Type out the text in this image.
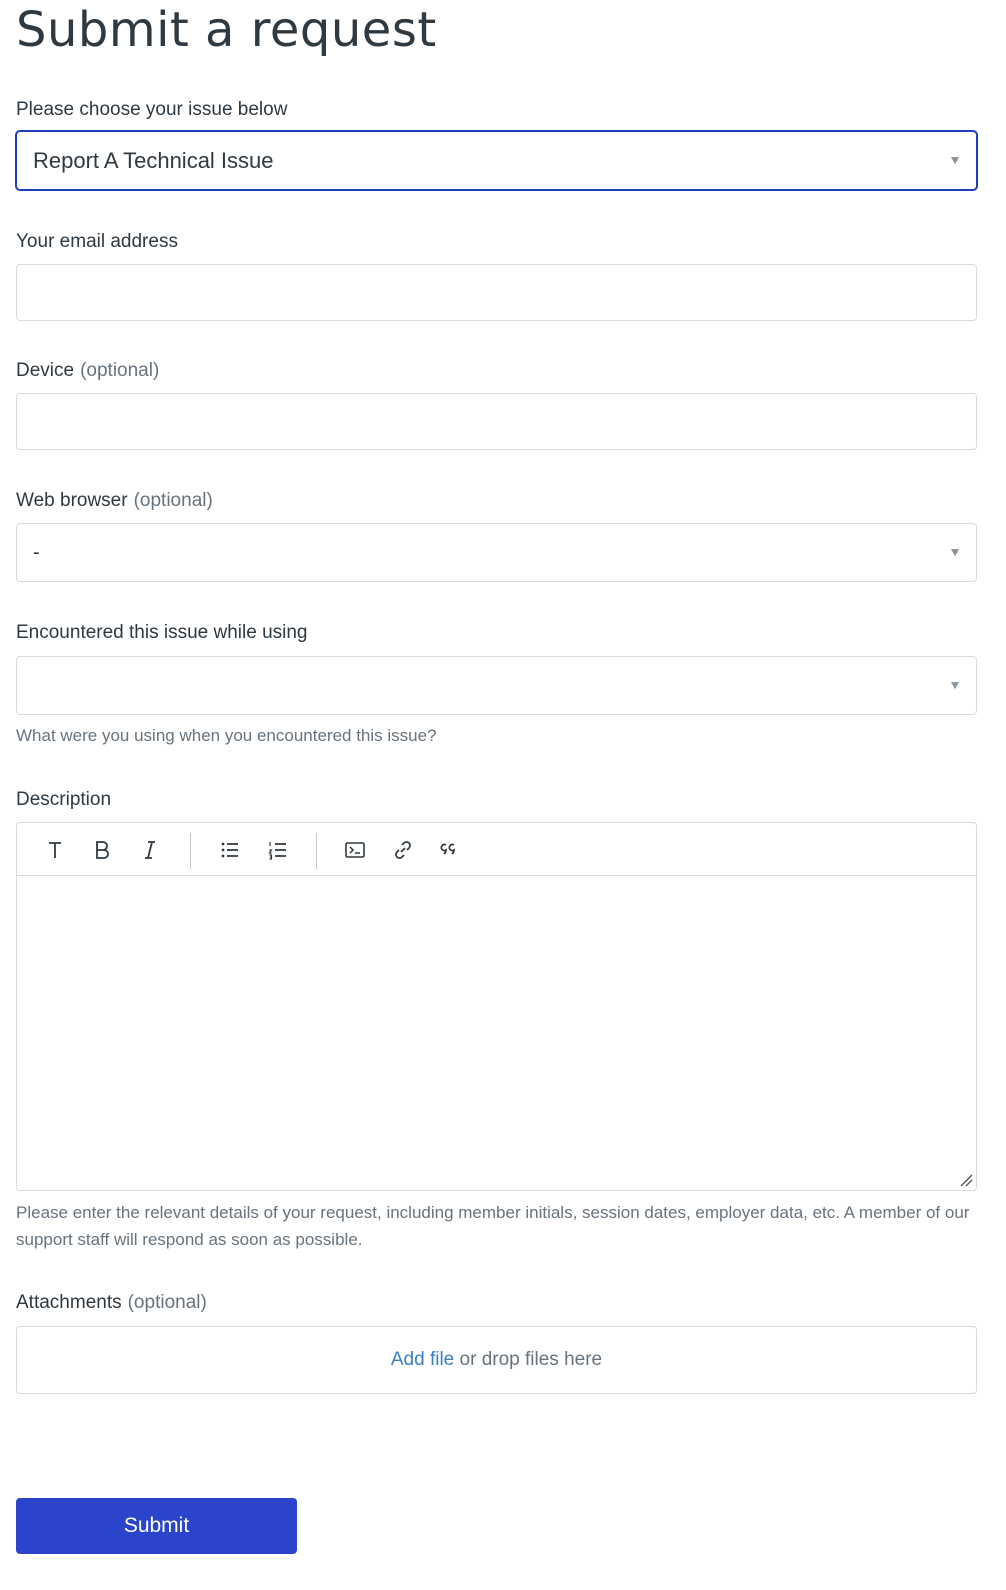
Submit a request
Please choose your issue below
Report A Technical Issue
Your email address
Device (optional)
Web browser (optional)
-
Encountered this issue while using
What were you using when you encountered this issue?
Description
Please enter the relevant details of your request, including member initials, session dates, employer data, etc. A member of our support staff will respond as soon as possible.
Attachments (optional)
Add file or drop files here
Submit
